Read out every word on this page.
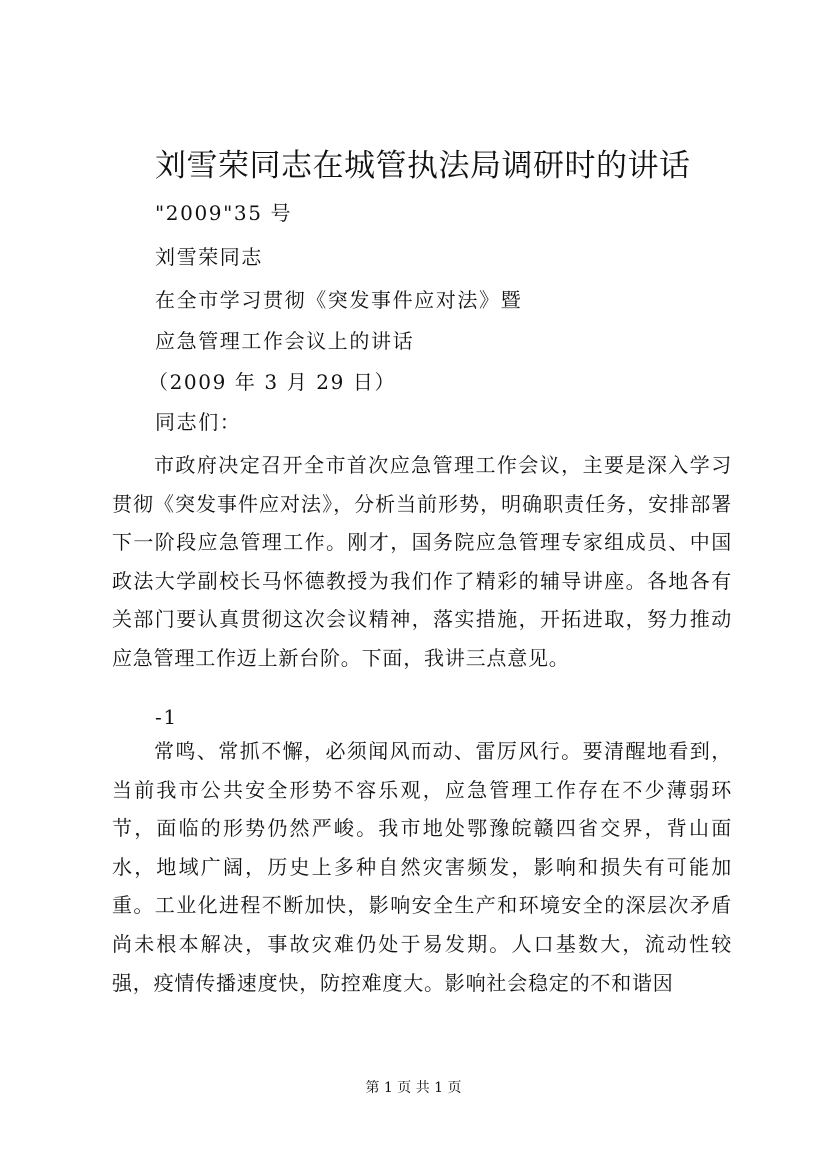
刘雪荣同志在城管执法局调研时的讲话
"2009"35 号
刘雪荣同志
在全市学习贯彻《突发事件应对法》暨
应急管理工作会议上的讲话
（2009 年 3 月 29 日）
同志们：
市政府决定召开全市首次应急管理工作会议，主要是深入学习贯彻《突发事件应对法》，分析当前形势，明确职责任务，安排部署下一阶段应急管理工作。刚才，国务院应急管理专家组成员、中国政法大学副校长马怀德教授为我们作了精彩的辅导讲座。各地各有关部门要认真贯彻这次会议精神，落实措施，开拓进取，努力推动应急管理工作迈上新台阶。下面，我讲三点意见。
-1
常鸣、常抓不懈，必须闻风而动、雷厉风行。要清醒地看到，当前我市公共安全形势不容乐观，应急管理工作存在不少薄弱环节，面临的形势仍然严峻。我市地处鄂豫皖赣四省交界，背山面水，地域广阔，历史上多种自然灾害频发，影响和损失有可能加重。工业化进程不断加快，影响安全生产和环境安全的深层次矛盾尚未根本解决，事故灾难仍处于易发期。人口基数大，流动性较强，疫情传播速度快，防控难度大。影响社会稳定的不和谐因
第 1 页 共 1 页
